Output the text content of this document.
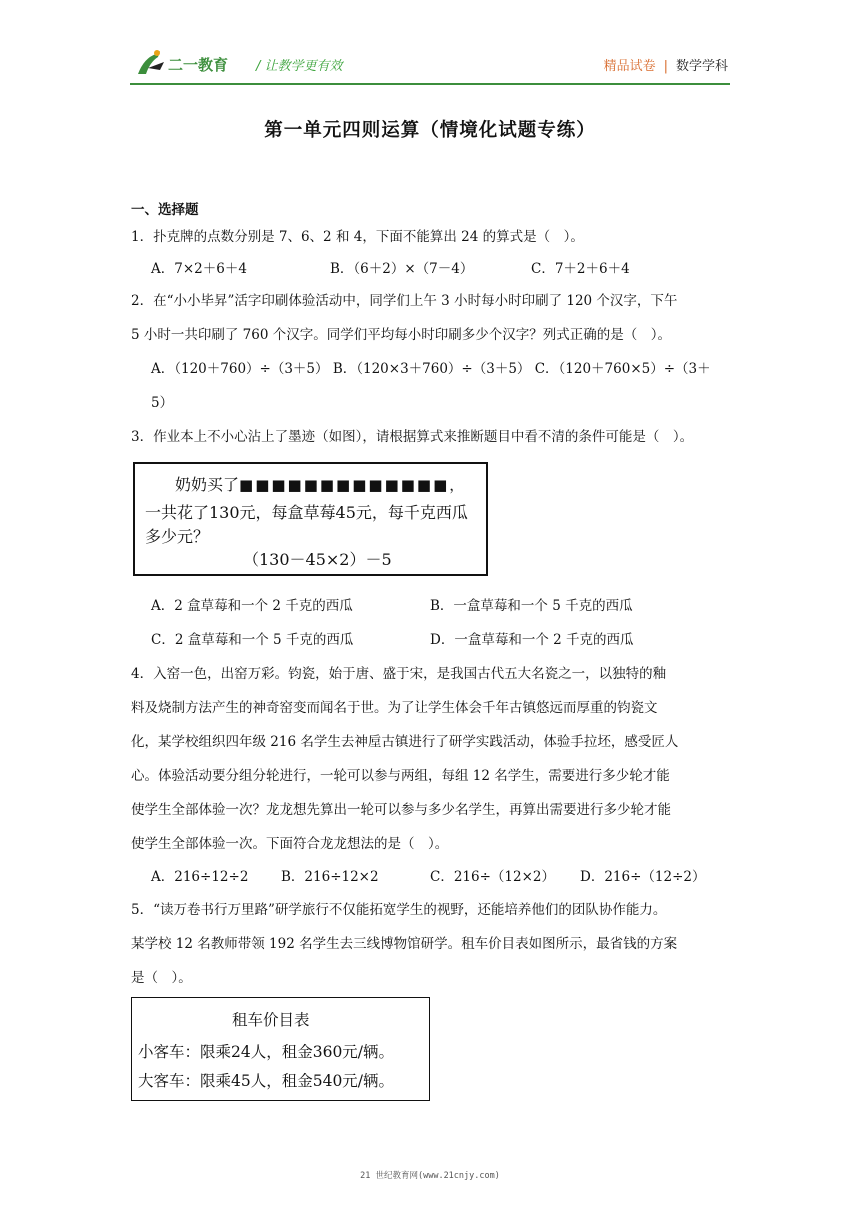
二一教育 / 让教学更有效	精品试卷 | 数学学科
第一单元四则运算（情境化试题专练）
一、选择题
1．扑克牌的点数分别是 7、6、2 和 4，下面不能算出 24 的算式是（　）。
A．7×2＋6＋4	B．（6＋2）×（7－4）	C．7＋2＋6＋4
2．在“小小毕昇”活字印刷体验活动中，同学们上午 3 小时每小时印刷了 120 个汉字，下午
5 小时一共印刷了 760 个汉字。同学们平均每小时印刷多少个汉字？列式正确的是（　）。
A．（120＋760）÷（3＋5） B．（120×3＋760）÷（3＋5） C．（120＋760×5）÷（3＋
5）
3．作业本上不小心沾上了墨迹（如图），请根据算式来推断题目中看不清的条件可能是（　）。
奶奶买了■■■■■■■■■■■■■，
一共花了130元，每盒草莓45元，每千克西瓜
多少元？
（130－45×2）－5
A．2 盒草莓和一个 2 千克的西瓜	B．一盒草莓和一个 5 千克的西瓜
C．2 盒草莓和一个 5 千克的西瓜	D．一盒草莓和一个 2 千克的西瓜
4．入窑一色，出窑万彩。钧瓷，始于唐、盛于宋，是我国古代五大名瓷之一，以独特的釉
料及烧制方法产生的神奇窑变而闻名于世。为了让学生体会千年古镇悠远而厚重的钧瓷文
化，某学校组织四年级 216 名学生去神垕古镇进行了研学实践活动，体验手拉坯，感受匠人
心。体验活动要分组分轮进行，一轮可以参与两组，每组 12 名学生，需要进行多少轮才能
使学生全部体验一次？龙龙想先算出一轮可以参与多少名学生，再算出需要进行多少轮才能
使学生全部体验一次。下面符合龙龙想法的是（　）。
A．216÷12÷2 B．216÷12×2	C．216÷（12×2） D．216÷（12÷2）
5．“读万卷书行万里路”研学旅行不仅能拓宽学生的视野，还能培养他们的团队协作能力。
某学校 12 名教师带领 192 名学生去三线博物馆研学。租车价目表如图所示，最省钱的方案
是（　）。
租车价目表
小客车：限乘24人，租金360元/辆。
大客车：限乘45人，租金540元/辆。
21 世纪教育网(www.21cnjy.com)
